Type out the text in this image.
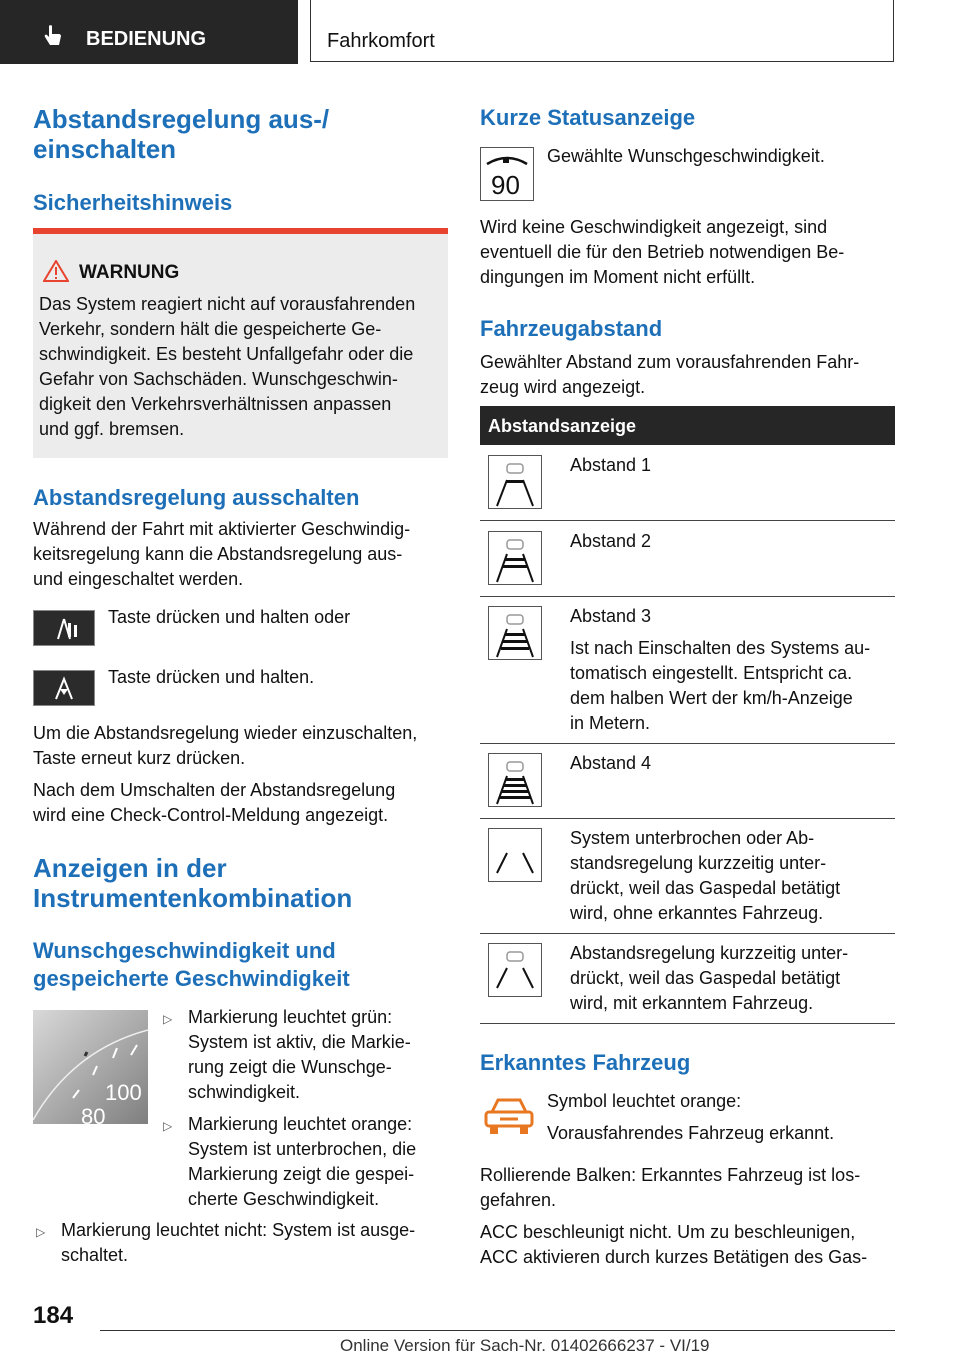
BEDIENUNG	Fahrkomfort
Abstandsregelung aus-/
einschalten
Sicherheitshinweis
WARNUNG
Das System reagiert nicht auf vorausfahrenden
Verkehr, sondern hält die gespeicherte Ge-
schwindigkeit. Es besteht Unfallgefahr oder die
Gefahr von Sachschäden. Wunschgeschwin-
digkeit den Verkehrsverhältnissen anpassen
und ggf. bremsen.
Abstandsregelung ausschalten
Während der Fahrt mit aktivierter Geschwindig-
keitsregelung kann die Abstandsregelung aus-
und eingeschaltet werden.
Taste drücken und halten oder
Taste drücken und halten.
Um die Abstandsregelung wieder einzuschalten,
Taste erneut kurz drücken.
Nach dem Umschalten der Abstandsregelung
wird eine Check-Control-Meldung angezeigt.
Anzeigen in der
Instrumentenkombination
Wunschgeschwindigkeit und
gespeicherte Geschwindigkeit
100
80
▷ Markierung leuchtet grün:
System ist aktiv, die Markie-
rung zeigt die Wunschge-
schwindigkeit.
▷ Markierung leuchtet orange:
System ist unterbrochen, die
Markierung zeigt die gespei-
cherte Geschwindigkeit.
▷ Markierung leuchtet nicht: System ist ausge-
schaltet.
Kurze Statusanzeige
90
Gewählte Wunschgeschwindigkeit.
Wird keine Geschwindigkeit angezeigt, sind
eventuell die für den Betrieb notwendigen Be-
dingungen im Moment nicht erfüllt.
Fahrzeugabstand
Gewählter Abstand zum vorausfahrenden Fahr-
zeug wird angezeigt.
Abstandsanzeige
Abstand 1
Abstand 2
Abstand 3
Ist nach Einschalten des Systems au-
tomatisch eingestellt. Entspricht ca.
dem halben Wert der km/h-Anzeige
in Metern.
Abstand 4
System unterbrochen oder Ab-
standsregelung kurzzeitig unter-
drückt, weil das Gaspedal betätigt
wird, ohne erkanntes Fahrzeug.
Abstandsregelung kurzzeitig unter-
drückt, weil das Gaspedal betätigt
wird, mit erkanntem Fahrzeug.
Erkanntes Fahrzeug
Symbol leuchtet orange:
Vorausfahrendes Fahrzeug erkannt.
Rollierende Balken: Erkanntes Fahrzeug ist los-
gefahren.
ACC beschleunigt nicht. Um zu beschleunigen,
ACC aktivieren durch kurzes Betätigen des Gas-
184
Online Version für Sach-Nr. 01402666237 - VI/19
